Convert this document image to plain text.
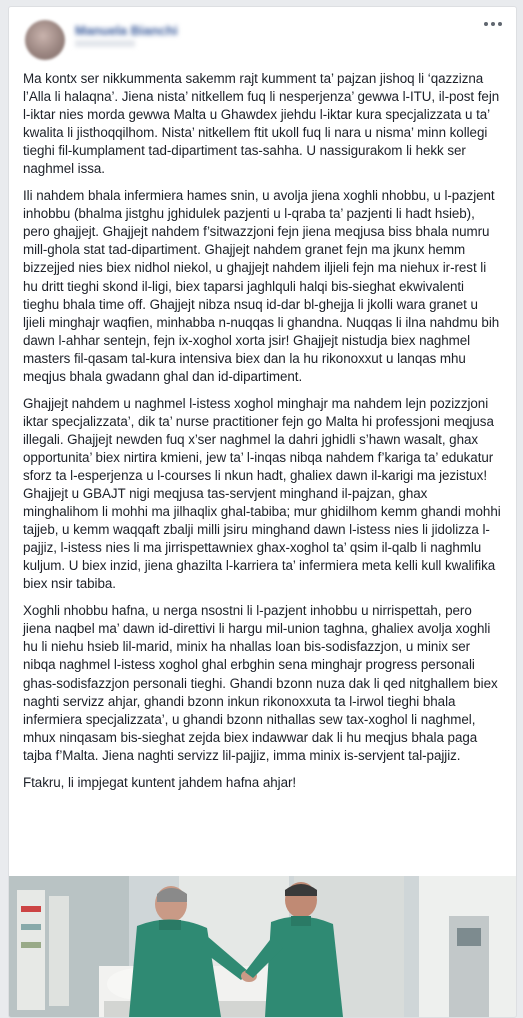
Manuela Bianchi

Ma kontx ser nikkummenta sakemm rajt kumment ta’ pajzan jishoq li ‘qazzizna l’Alla li halaqna’. Jiena nista’ nitkellem fuq li nesperjenza’ gewwa l-ITU, il-post fejn l-iktar nies morda gewwa Malta u Ghawdex jiehdu l-iktar kura specjalizzata u ta’ kwalita li jisthoqqilhom. Nista’ nitkellem ftit ukoll fuq li nara u nisma’ minn kollegi tieghi fil-kumplament tad-dipartiment tas-sahha. U nassigurakom li hekk ser naghmel issa.

Ili nahdem bhala infermiera hames snin, u avolja jiena xoghli nhobbu, u l-pazjent inhobbu (bhalma jistghu jghidulek pazjenti u l-qraba ta’ pazjenti li hadt hsieb), pero ghajjejt. Ghajjejt nahdem f’sitwazzjoni fejn jiena meqjusa biss bhala numru mill-ghola stat tad-dipartiment. Ghajjejt nahdem granet fejn ma jkunx hemm bizzejjed nies biex nidhol niekol, u ghajjejt nahdem iljieli fejn ma niehux ir-rest li hu dritt tieghi skond il-ligi, biex taparsi jaghlquli halqi bis-sieghat ekwivalenti tieghu bhala time off. Ghajjejt nibza nsuq id-dar bl-ghejja li jkolli wara granet u ljieli minghajr waqfien, minhabba n-nuqqas li ghandna. Nuqqas li ilna nahdmu bih dawn l-ahhar sentejn, fejn ix-xoghol xorta jsir! Ghajjejt nistudja biex naghmel masters fil-qasam tal-kura intensiva biex dan la hu rikonoxxut u lanqas mhu meqjus bhala gwadann ghal dan id-dipartiment.

Ghajjejt nahdem u naghmel l-istess xoghol minghajr ma nahdem lejn pozizzjoni iktar specjalizzata’, dik ta’ nurse practitioner fejn go Malta hi professjoni meqjusa illegali. Ghajjejt newden fuq x’ser naghmel la dahri jghidli s’hawn wasalt, ghax opportunita’ biex nirtira kmieni, jew ta’ l-inqas nibqa nahdem f’kariga ta’ edukatur sforz ta l-esperjenza u l-courses li nkun hadt, ghaliex dawn il-karigi ma jezistux! Ghajjejt u GBAJT nigi meqjusa tas-servjent minghand il-pajzan, ghax minghalihom li mohhi ma jilhaqlix ghal-tabiba; mur ghidilhom kemm ghandi mohhi tajjeb, u kemm waqqaft zbalji milli jsiru minghand dawn l-istess nies li jidolizza l-pajjiz, l-istess nies li ma jirrispettawniex ghax-xoghol ta’ qsim il-qalb li naghmlu kuljum. U biex inzid, jiena ghazilta l-karriera ta’ infermiera meta kelli kull kwalifika biex nsir tabiba.

Xoghli nhobbu hafna, u nerga nsostni li l-pazjent inhobbu u nirrispettah, pero jiena naqbel ma’ dawn id-direttivi li hargu mil-union taghna, ghaliex avolja xoghli hu li niehu hsieb lil-marid, minix ha nhallas loan bis-sodisfazzjon, u minix ser nibqa naghmel l-istess xoghol ghal erbghin sena minghajr progress personali ghas-sodisfazzjon personali tieghi. Ghandi bzonn nuza dak li qed nitghallem biex naghti servizz ahjar, ghandi bzonn inkun rikonoxxuta ta l-irwol tieghi bhala infermiera specjalizzata’, u ghandi bzonn nithallas sew tax-xoghol li naghmel, mhux ninqasam bis-sieghat zejda biex indawwar dak li hu meqjus bhala paga tajba f’Malta. Jiena naghti servizz lil-pajjiz, imma minix is-servjent tal-pajjiz.

Ftakru, li impjegat kuntent jahdem hafna ahjar!
